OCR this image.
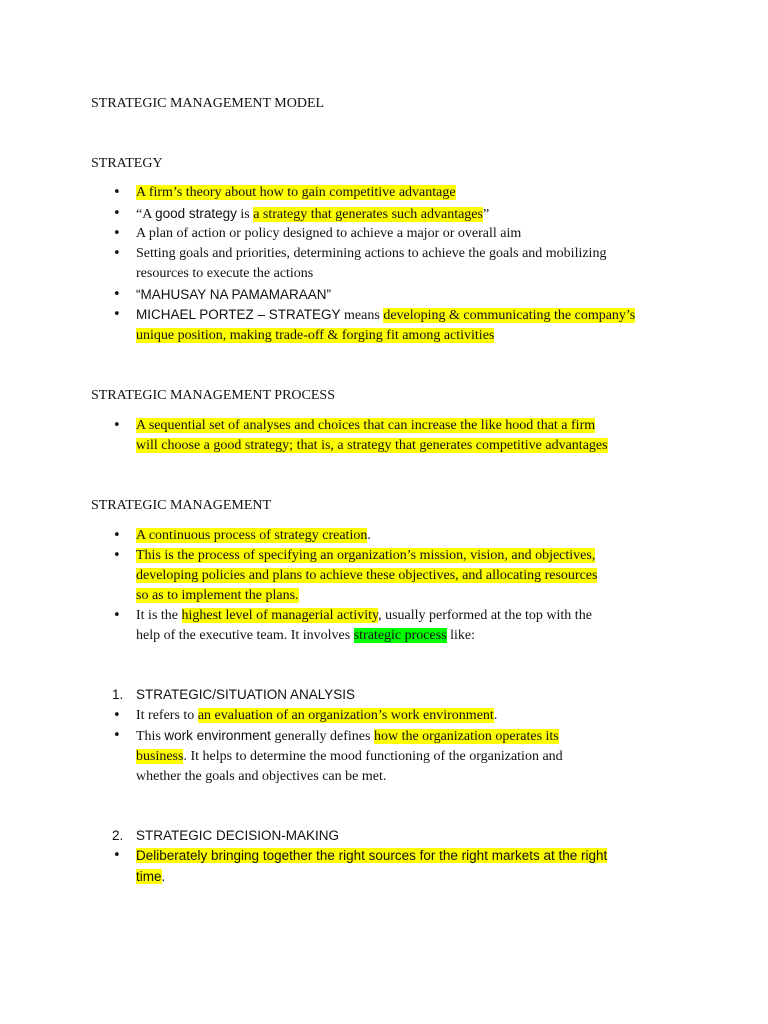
STRATEGIC MANAGEMENT MODEL
STRATEGY
• A firm’s theory about how to gain competitive advantage
• “A good strategy is a strategy that generates such advantages”
• A plan of action or policy designed to achieve a major or overall aim
• Setting goals and priorities, determining actions to achieve the goals and mobilizing
resources to execute the actions
• “MAHUSAY NA PAMAMARAAN”
• MICHAEL PORTEZ – STRATEGY means developing & communicating the company’s
unique position, making trade-off & forging fit among activities
STRATEGIC MANAGEMENT PROCESS
• A sequential set of analyses and choices that can increase the like hood that a firm
will choose a good strategy; that is, a strategy that generates competitive advantages
STRATEGIC MANAGEMENT
• A continuous process of strategy creation.
• This is the process of specifying an organization’s mission, vision, and objectives,
developing policies and plans to achieve these objectives, and allocating resources
so as to implement the plans.
• It is the highest level of managerial activity, usually performed at the top with the
help of the executive team. It involves strategic process like:
1. STRATEGIC/SITUATION ANALYSIS
• It refers to an evaluation of an organization’s work environment.
• This work environment generally defines how the organization operates its
business. It helps to determine the mood functioning of the organization and
whether the goals and objectives can be met.
2. STRATEGIC DECISION-MAKING
• Deliberately bringing together the right sources for the right markets at the right
time.
